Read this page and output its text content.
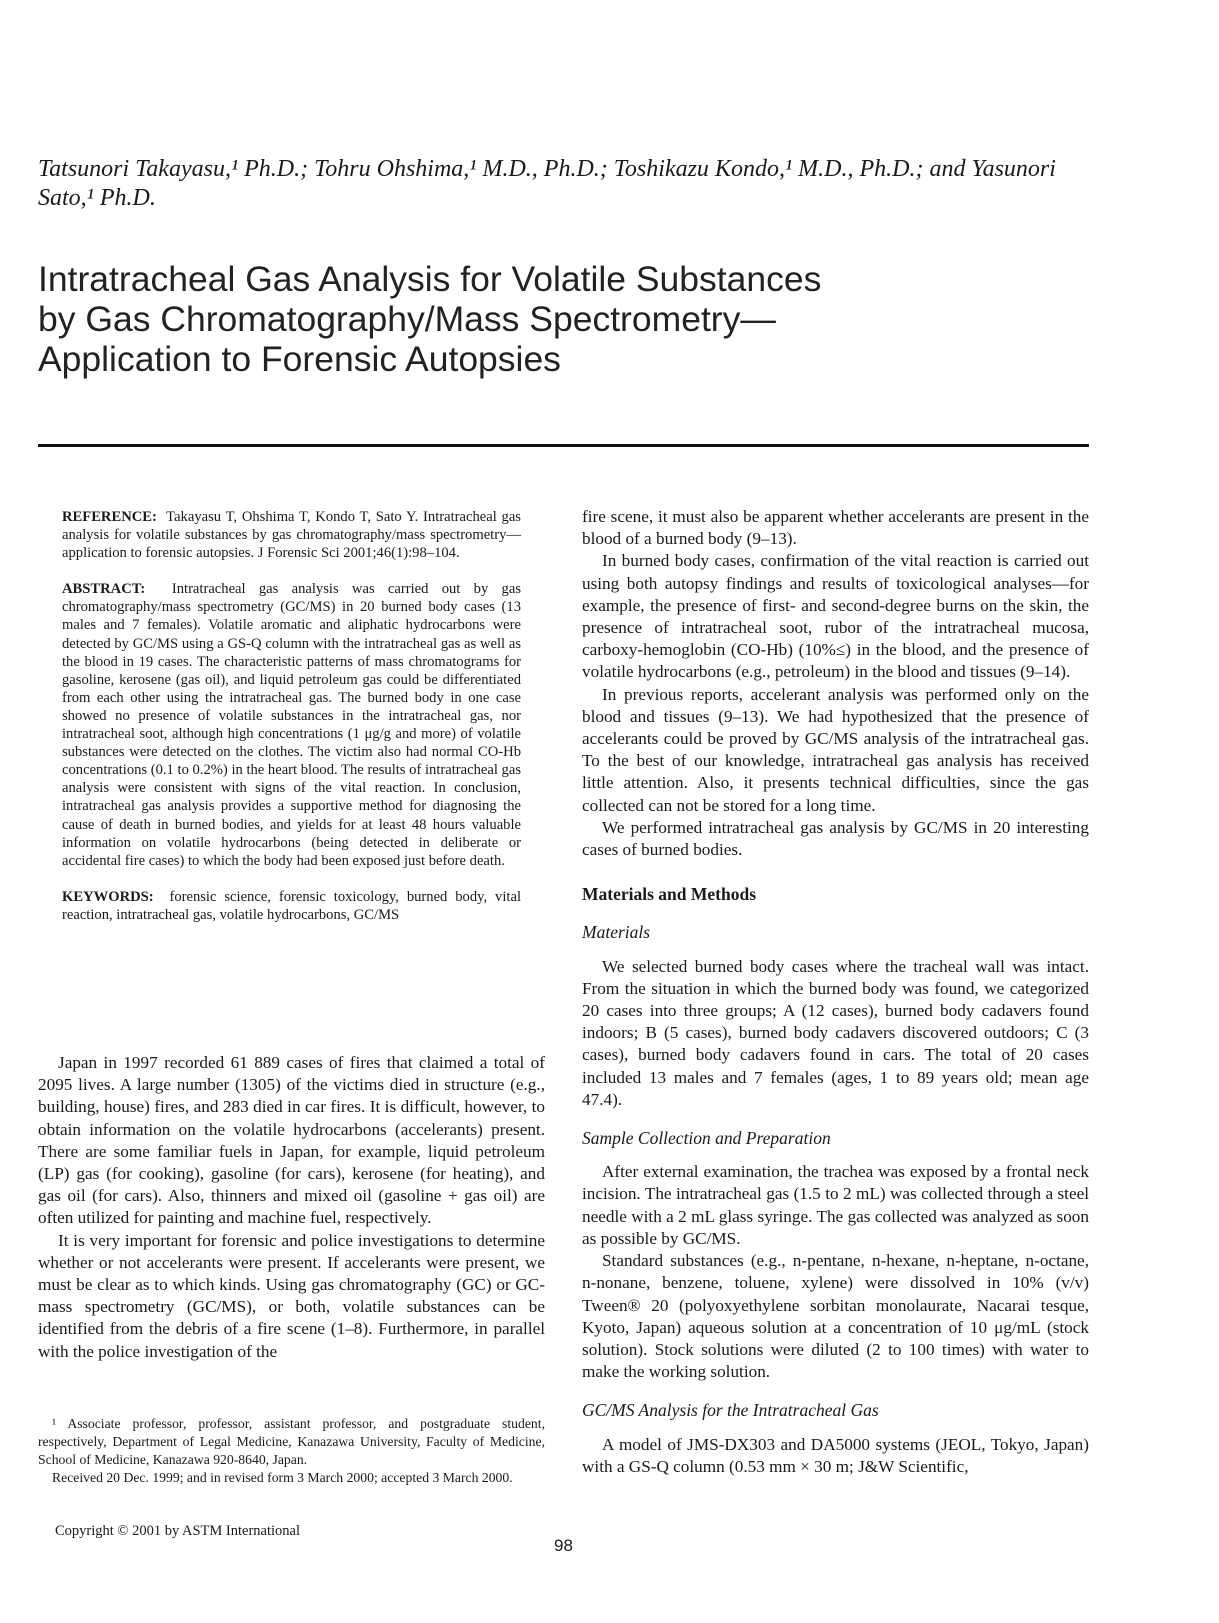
Tatsunori Takayasu,¹ Ph.D.; Tohru Ohshima,¹ M.D., Ph.D.; Toshikazu Kondo,¹ M.D., Ph.D.; and Yasunori Sato,¹ Ph.D.
Intratracheal Gas Analysis for Volatile Substances
by Gas Chromatography/Mass Spectrometry—
Application to Forensic Autopsies

REFERENCE: Takayasu T, Ohshima T, Kondo T, Sato Y. Intratracheal gas analysis for volatile substances by gas chromatography/mass spectrometry—application to forensic autopsies. J Forensic Sci 2001;46(1):98–104.

ABSTRACT: Intratracheal gas analysis was carried out by gas chromatography/mass spectrometry (GC/MS) in 20 burned body cases (13 males and 7 females). Volatile aromatic and aliphatic hydrocarbons were detected by GC/MS using a GS-Q column with the intratracheal gas as well as the blood in 19 cases. The characteristic patterns of mass chromatograms for gasoline, kerosene (gas oil), and liquid petroleum gas could be differentiated from each other using the intratracheal gas. The burned body in one case showed no presence of volatile substances in the intratracheal gas, nor intratracheal soot, although high concentrations (1 μg/g and more) of volatile substances were detected on the clothes. The victim also had normal CO-Hb concentrations (0.1 to 0.2%) in the heart blood. The results of intratracheal gas analysis were consistent with signs of the vital reaction. In conclusion, intratracheal gas analysis provides a supportive method for diagnosing the cause of death in burned bodies, and yields for at least 48 hours valuable information on volatile hydrocarbons (being detected in deliberate or accidental fire cases) to which the body had been exposed just before death.

KEYWORDS: forensic science, forensic toxicology, burned body, vital reaction, intratracheal gas, volatile hydrocarbons, GC/MS

Japan in 1997 recorded 61 889 cases of fires that claimed a total of 2095 lives. A large number (1305) of the victims died in structure (e.g., building, house) fires, and 283 died in car fires. It is difficult, however, to obtain information on the volatile hydrocarbons (accelerants) present. There are some familiar fuels in Japan, for example, liquid petroleum (LP) gas (for cooking), gasoline (for cars), kerosene (for heating), and gas oil (for cars). Also, thinners and mixed oil (gasoline + gas oil) are often utilized for painting and machine fuel, respectively.

It is very important for forensic and police investigations to determine whether or not accelerants were present. If accelerants were present, we must be clear as to which kinds. Using gas chromatography (GC) or GC-mass spectrometry (GC/MS), or both, volatile substances can be identified from the debris of a fire scene (1–8). Furthermore, in parallel with the police investigation of the

fire scene, it must also be apparent whether accelerants are present in the blood of a burned body (9–13).

In burned body cases, confirmation of the vital reaction is carried out using both autopsy findings and results of toxicological analyses—for example, the presence of first- and second-degree burns on the skin, the presence of intratracheal soot, rubor of the intratracheal mucosa, carboxy-hemoglobin (CO-Hb) (10%≤) in the blood, and the presence of volatile hydrocarbons (e.g., petroleum) in the blood and tissues (9–14).

In previous reports, accelerant analysis was performed only on the blood and tissues (9–13). We had hypothesized that the presence of accelerants could be proved by GC/MS analysis of the intratracheal gas. To the best of our knowledge, intratracheal gas analysis has received little attention. Also, it presents technical difficulties, since the gas collected can not be stored for a long time.

We performed intratracheal gas analysis by GC/MS in 20 interesting cases of burned bodies.

Materials and Methods
Materials

We selected burned body cases where the tracheal wall was intact. From the situation in which the burned body was found, we categorized 20 cases into three groups; A (12 cases), burned body cadavers found indoors; B (5 cases), burned body cadavers discovered outdoors; C (3 cases), burned body cadavers found in cars. The total of 20 cases included 13 males and 7 females (ages, 1 to 89 years old; mean age 47.4).

Sample Collection and Preparation

After external examination, the trachea was exposed by a frontal neck incision. The intratracheal gas (1.5 to 2 mL) was collected through a steel needle with a 2 mL glass syringe. The gas collected was analyzed as soon as possible by GC/MS.

Standard substances (e.g., n-pentane, n-hexane, n-heptane, n-octane, n-nonane, benzene, toluene, xylene) were dissolved in 10% (v/v) Tween® 20 (polyoxyethylene sorbitan monolaurate, Nacarai tesque, Kyoto, Japan) aqueous solution at a concentration of 10 μg/mL (stock solution). Stock solutions were diluted (2 to 100 times) with water to make the working solution.

GC/MS Analysis for the Intratracheal Gas

A model of JMS-DX303 and DA5000 systems (JEOL, Tokyo, Japan) with a GS-Q column (0.53 mm × 30 m; J&W Scientific,

¹ Associate professor, professor, assistant professor, and postgraduate student, respectively, Department of Legal Medicine, Kanazawa University, Faculty of Medicine, School of Medicine, Kanazawa 920-8640, Japan.

Received 20 Dec. 1999; and in revised form 3 March 2000; accepted 3 March 2000.

Copyright © 2001 by ASTM International
98
